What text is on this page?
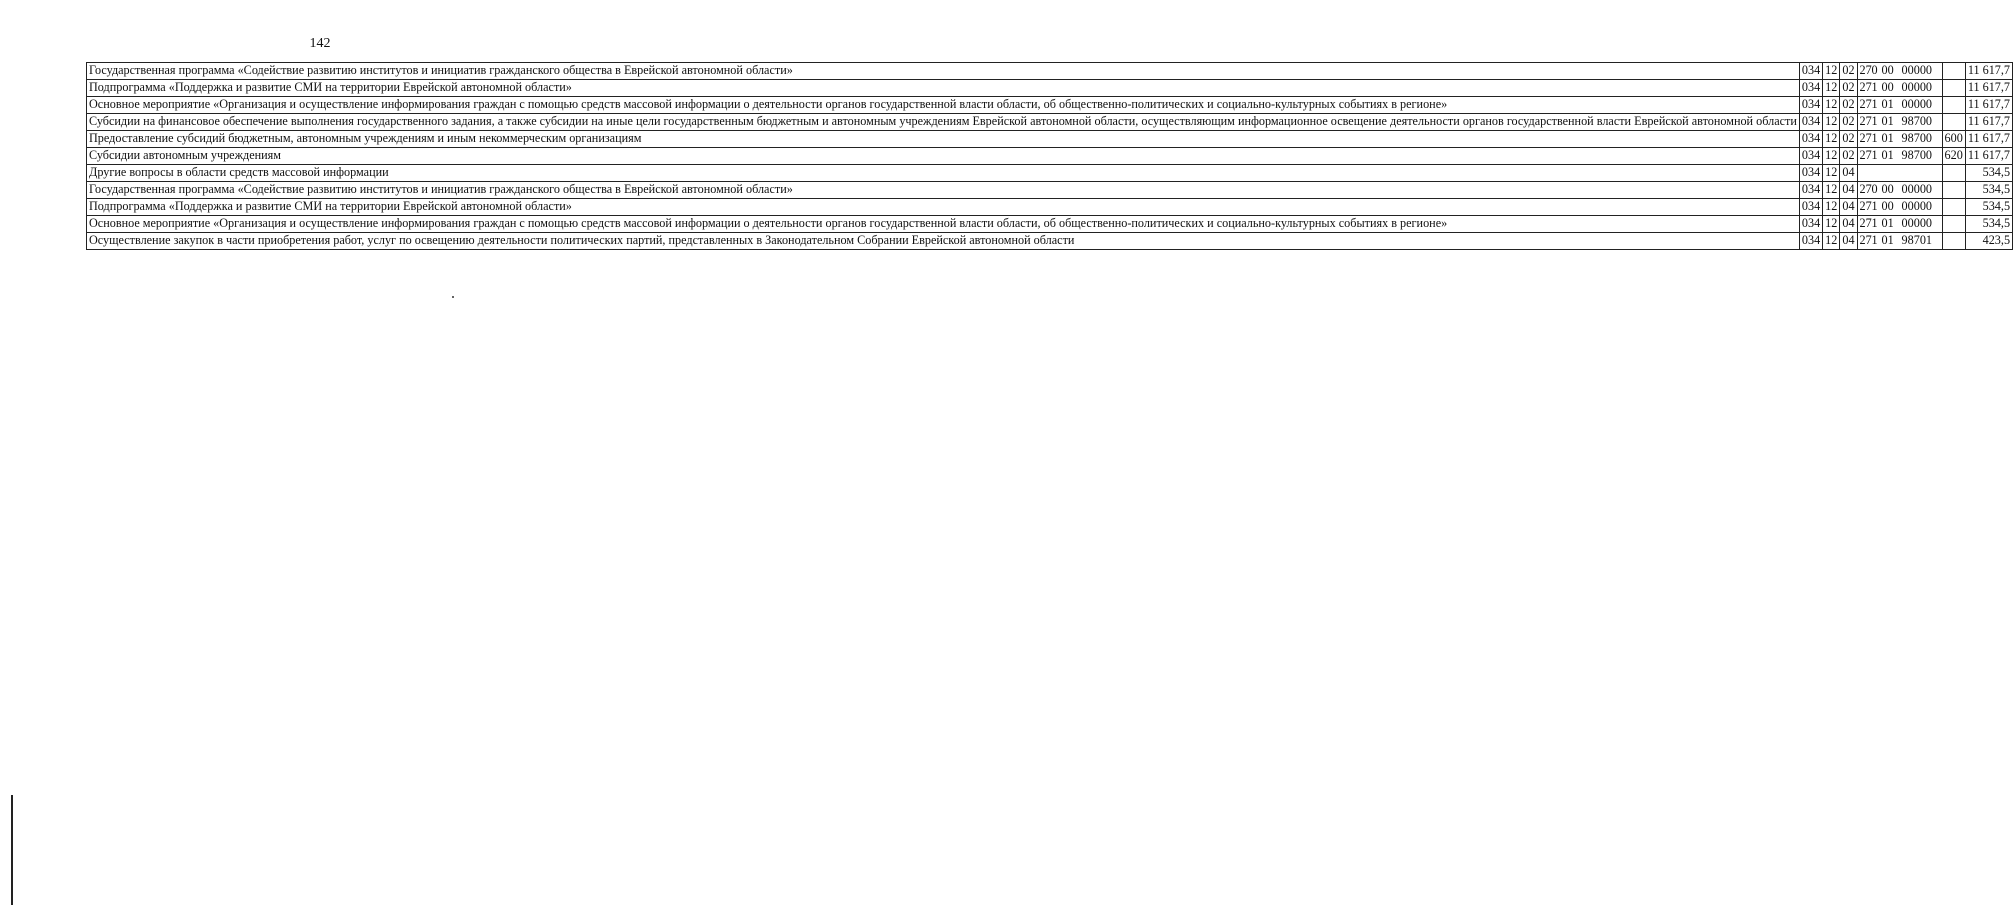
142
Государственная программа «Содействие развитию институтов и инициатив гражданского общества в Еврейской автономной области»	034	12	02	270 00 00000		11 617,7
Подпрограмма «Поддержка и развитие СМИ на территории Еврейской автономной области»	034	12	02	271 00 00000		11 617,7
Основное мероприятие «Организация и осуществление информирования граждан с помощью средств массовой информации о деятельности органов государственной власти области, об общественно-политических и социально-культурных событиях в регионе»	034	12	02	271 01 00000		11 617,7
Субсидии на финансовое обеспечение выполнения государственного задания, а также субсидии на иные цели государственным бюджетным и автономным учреждениям Еврейской автономной области, осуществляющим информационное освещение деятельности органов государственной власти Еврейской автономной области	034	12	02	271 01 98700		11 617,7
Предоставление субсидий бюджетным, автономным учреждениям и иным некоммерческим организациям	034	12	02	271 01 98700	600	11 617,7
Субсидии автономным учреждениям	034	12	02	271 01 98700	620	11 617,7
Другие вопросы в области средств массовой информации	034	12	04			534,5
Государственная программа «Содействие развитию институтов и инициатив гражданского общества в Еврейской автономной области»	034	12	04	270 00 00000		534,5
Подпрограмма «Поддержка и развитие СМИ на территории Еврейской автономной области»	034	12	04	271 00 00000		534,5
Основное мероприятие «Организация и осуществление информирования граждан с помощью средств массовой информации о деятельности органов государственной власти области, об общественно-политических и социально-культурных событиях в регионе»	034	12	04	271 01 00000		534,5
Осуществление закупок в части приобретения работ, услуг по освещению деятельности политических партий, представленных в Законодательном Собрании Еврейской автономной области	034	12	04	271 01 98701		423,5
